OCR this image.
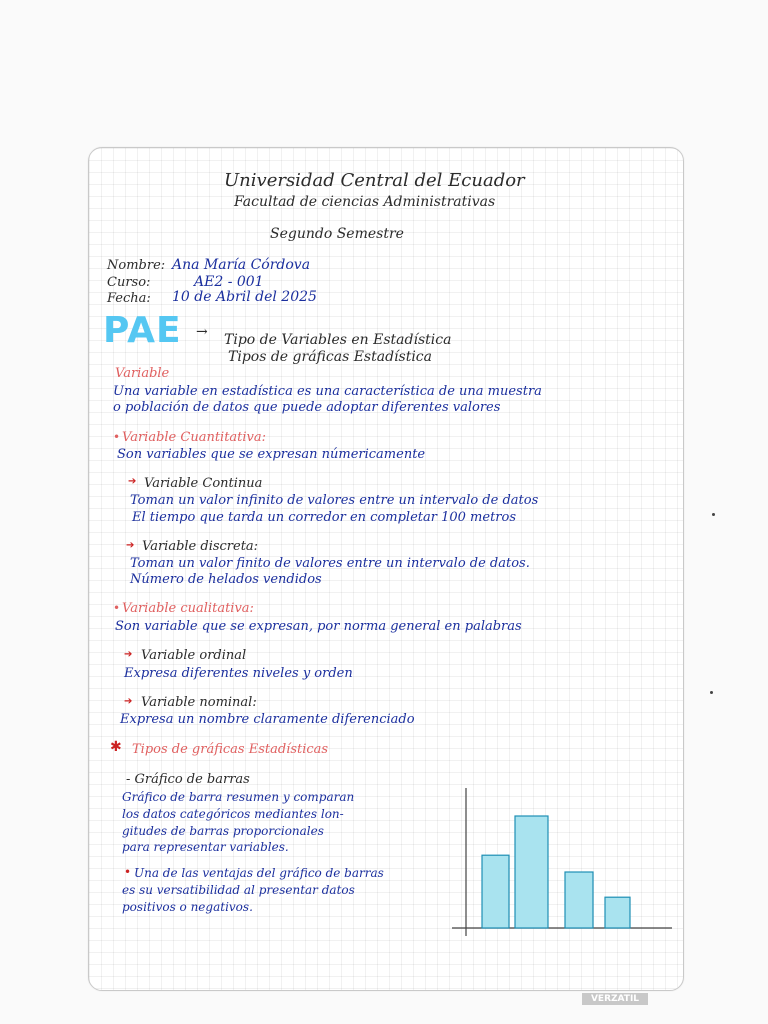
Universidad Central del Ecuador
Facultad de ciencias Administrativas
Segundo Semestre
Nombre: Ana María Córdova
Curso:	AE2 - 001
Fecha: 10 de Abril del 2025
PAE → Tipo de Variables en Estadística
Tipos de gráficas Estadística
Variable
Una variable en estadística es una característica de una muestra
o población de datos que puede adoptar diferentes valores
• Variable Cuantitativa:
Son variables que se expresan númericamente
➔ Variable Continua
Toman un valor infinito de valores entre un intervalo de datos
El tiempo que tarda un corredor en completar 100 metros
➔ Variable discreta:
Toman un valor finito de valores entre un intervalo de datos.
Número de helados vendidos
• Variable cualitativa:
Son variable que se expresan, por norma general en palabras
➔ Variable ordinal
Expresa diferentes niveles y orden
➔ Variable nominal:
Expresa un nombre claramente diferenciado
✱ Tipos de gráficas Estadísticas
- Gráfico de barras
Gráfico de barra resumen y comparan
los datos categóricos mediantes lon-
gitudes de barras proporcionales
para representar variables.
• Una de las ventajas del gráfico de barras
es su versatibilidad al presentar datos
positivos o negativos.
VERZATIL
